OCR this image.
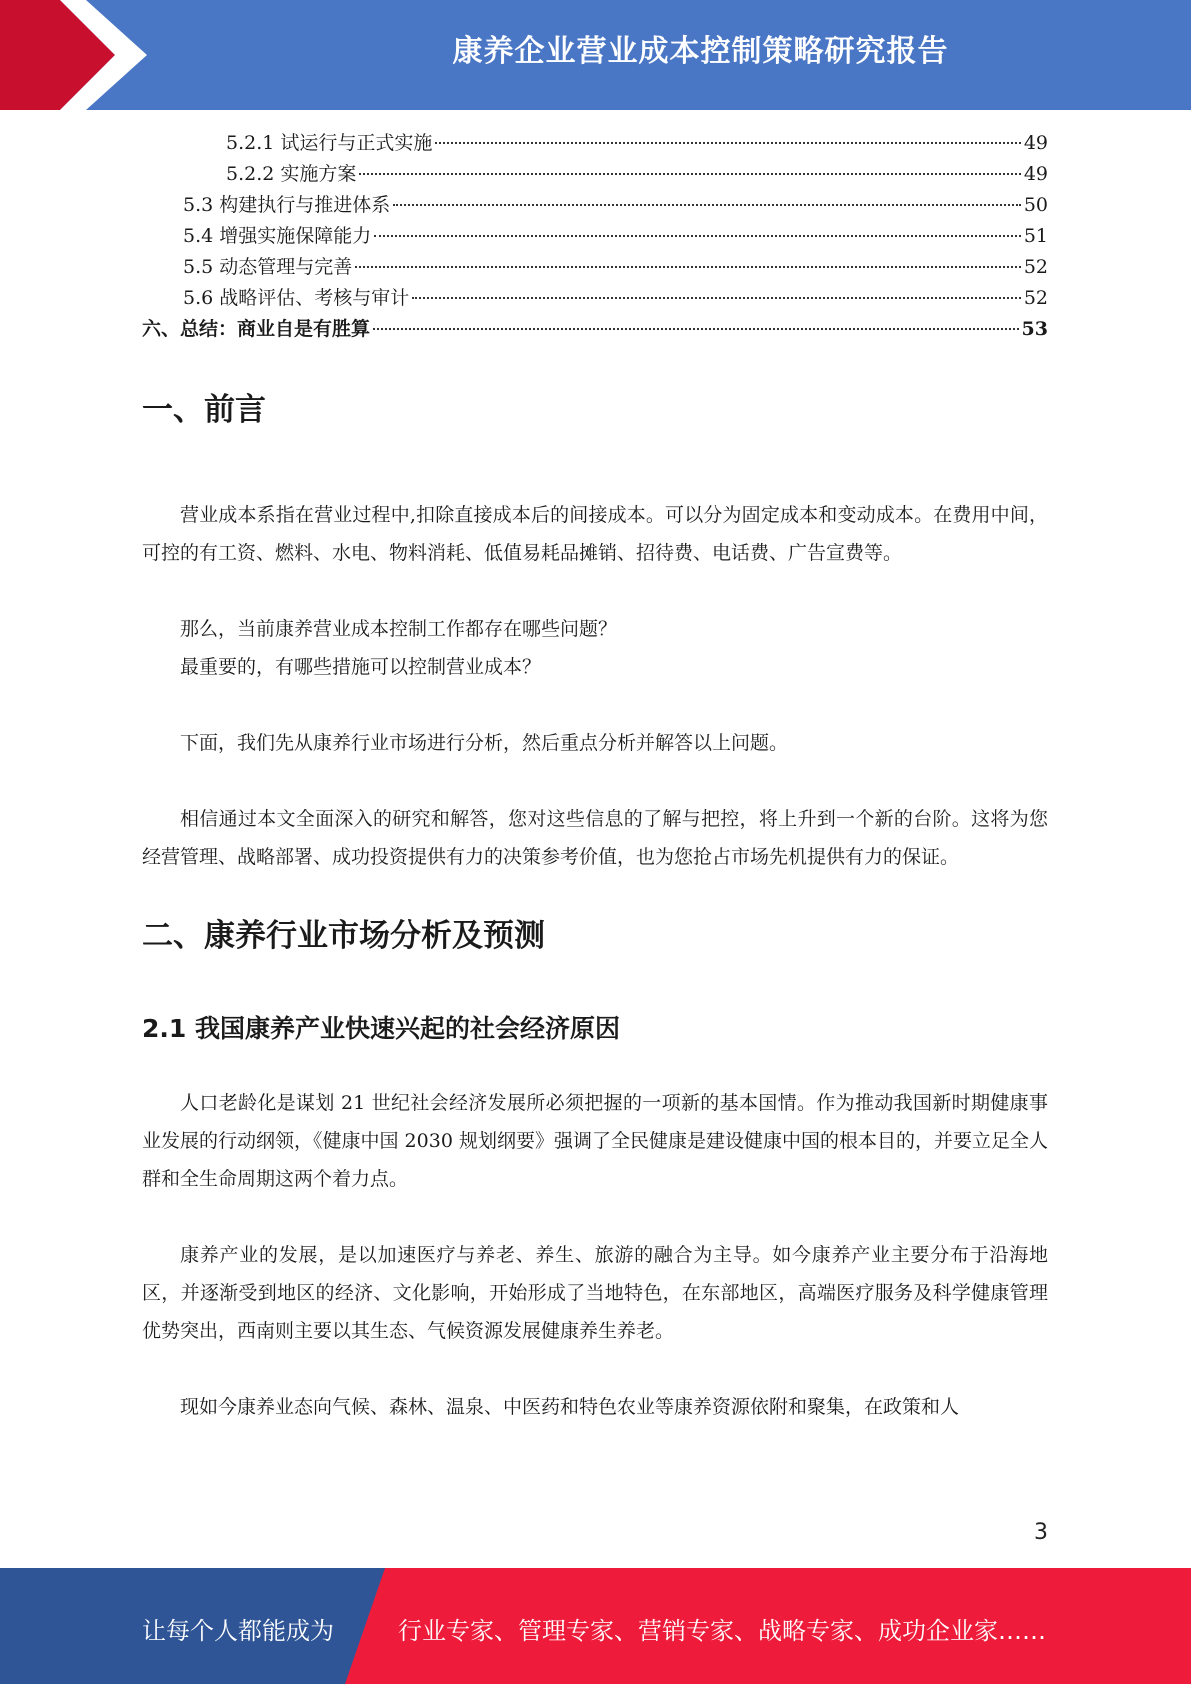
康养企业营业成本控制策略研究报告
5.2.1 试运行与正式实施	49
5.2.2 实施方案	49
5.3 构建执行与推进体系	50
5.4 增强实施保障能力	51
5.5 动态管理与完善	52
5.6 战略评估、考核与审计	52
六、总结：商业自是有胜算	53
一、前言

营业成本系指在营业过程中,扣除直接成本后的间接成本。可以分为固定成本和变动成本。在费用中间，可控的有工资、燃料、水电、物料消耗、低值易耗品摊销、招待费、电话费、广告宣费等。

那么，当前康养营业成本控制工作都存在哪些问题？

最重要的，有哪些措施可以控制营业成本？

下面，我们先从康养行业市场进行分析，然后重点分析并解答以上问题。

相信通过本文全面深入的研究和解答，您对这些信息的了解与把控，将上升到一个新的台阶。这将为您经营管理、战略部署、成功投资提供有力的决策参考价值，也为您抢占市场先机提供有力的保证。

二、康养行业市场分析及预测
2.1 我国康养产业快速兴起的社会经济原因

人口老龄化是谋划 21 世纪社会经济发展所必须把握的一项新的基本国情。作为推动我国新时期健康事业发展的行动纲领，《健康中国 2030 规划纲要》强调了全民健康是建设健康中国的根本目的，并要立足全人群和全生命周期这两个着力点。

康养产业的发展，是以加速医疗与养老、养生、旅游的融合为主导。如今康养产业主要分布于沿海地区，并逐渐受到地区的经济、文化影响，开始形成了当地特色，在东部地区，高端医疗服务及科学健康管理优势突出，西南则主要以其生态、气候资源发展健康养生养老。

现如今康养业态向气候、森林、温泉、中医药和特色农业等康养资源依附和聚集，在政策和人

3
让每个人都能成为	行业专家、管理专家、营销专家、战略专家、成功企业家……
